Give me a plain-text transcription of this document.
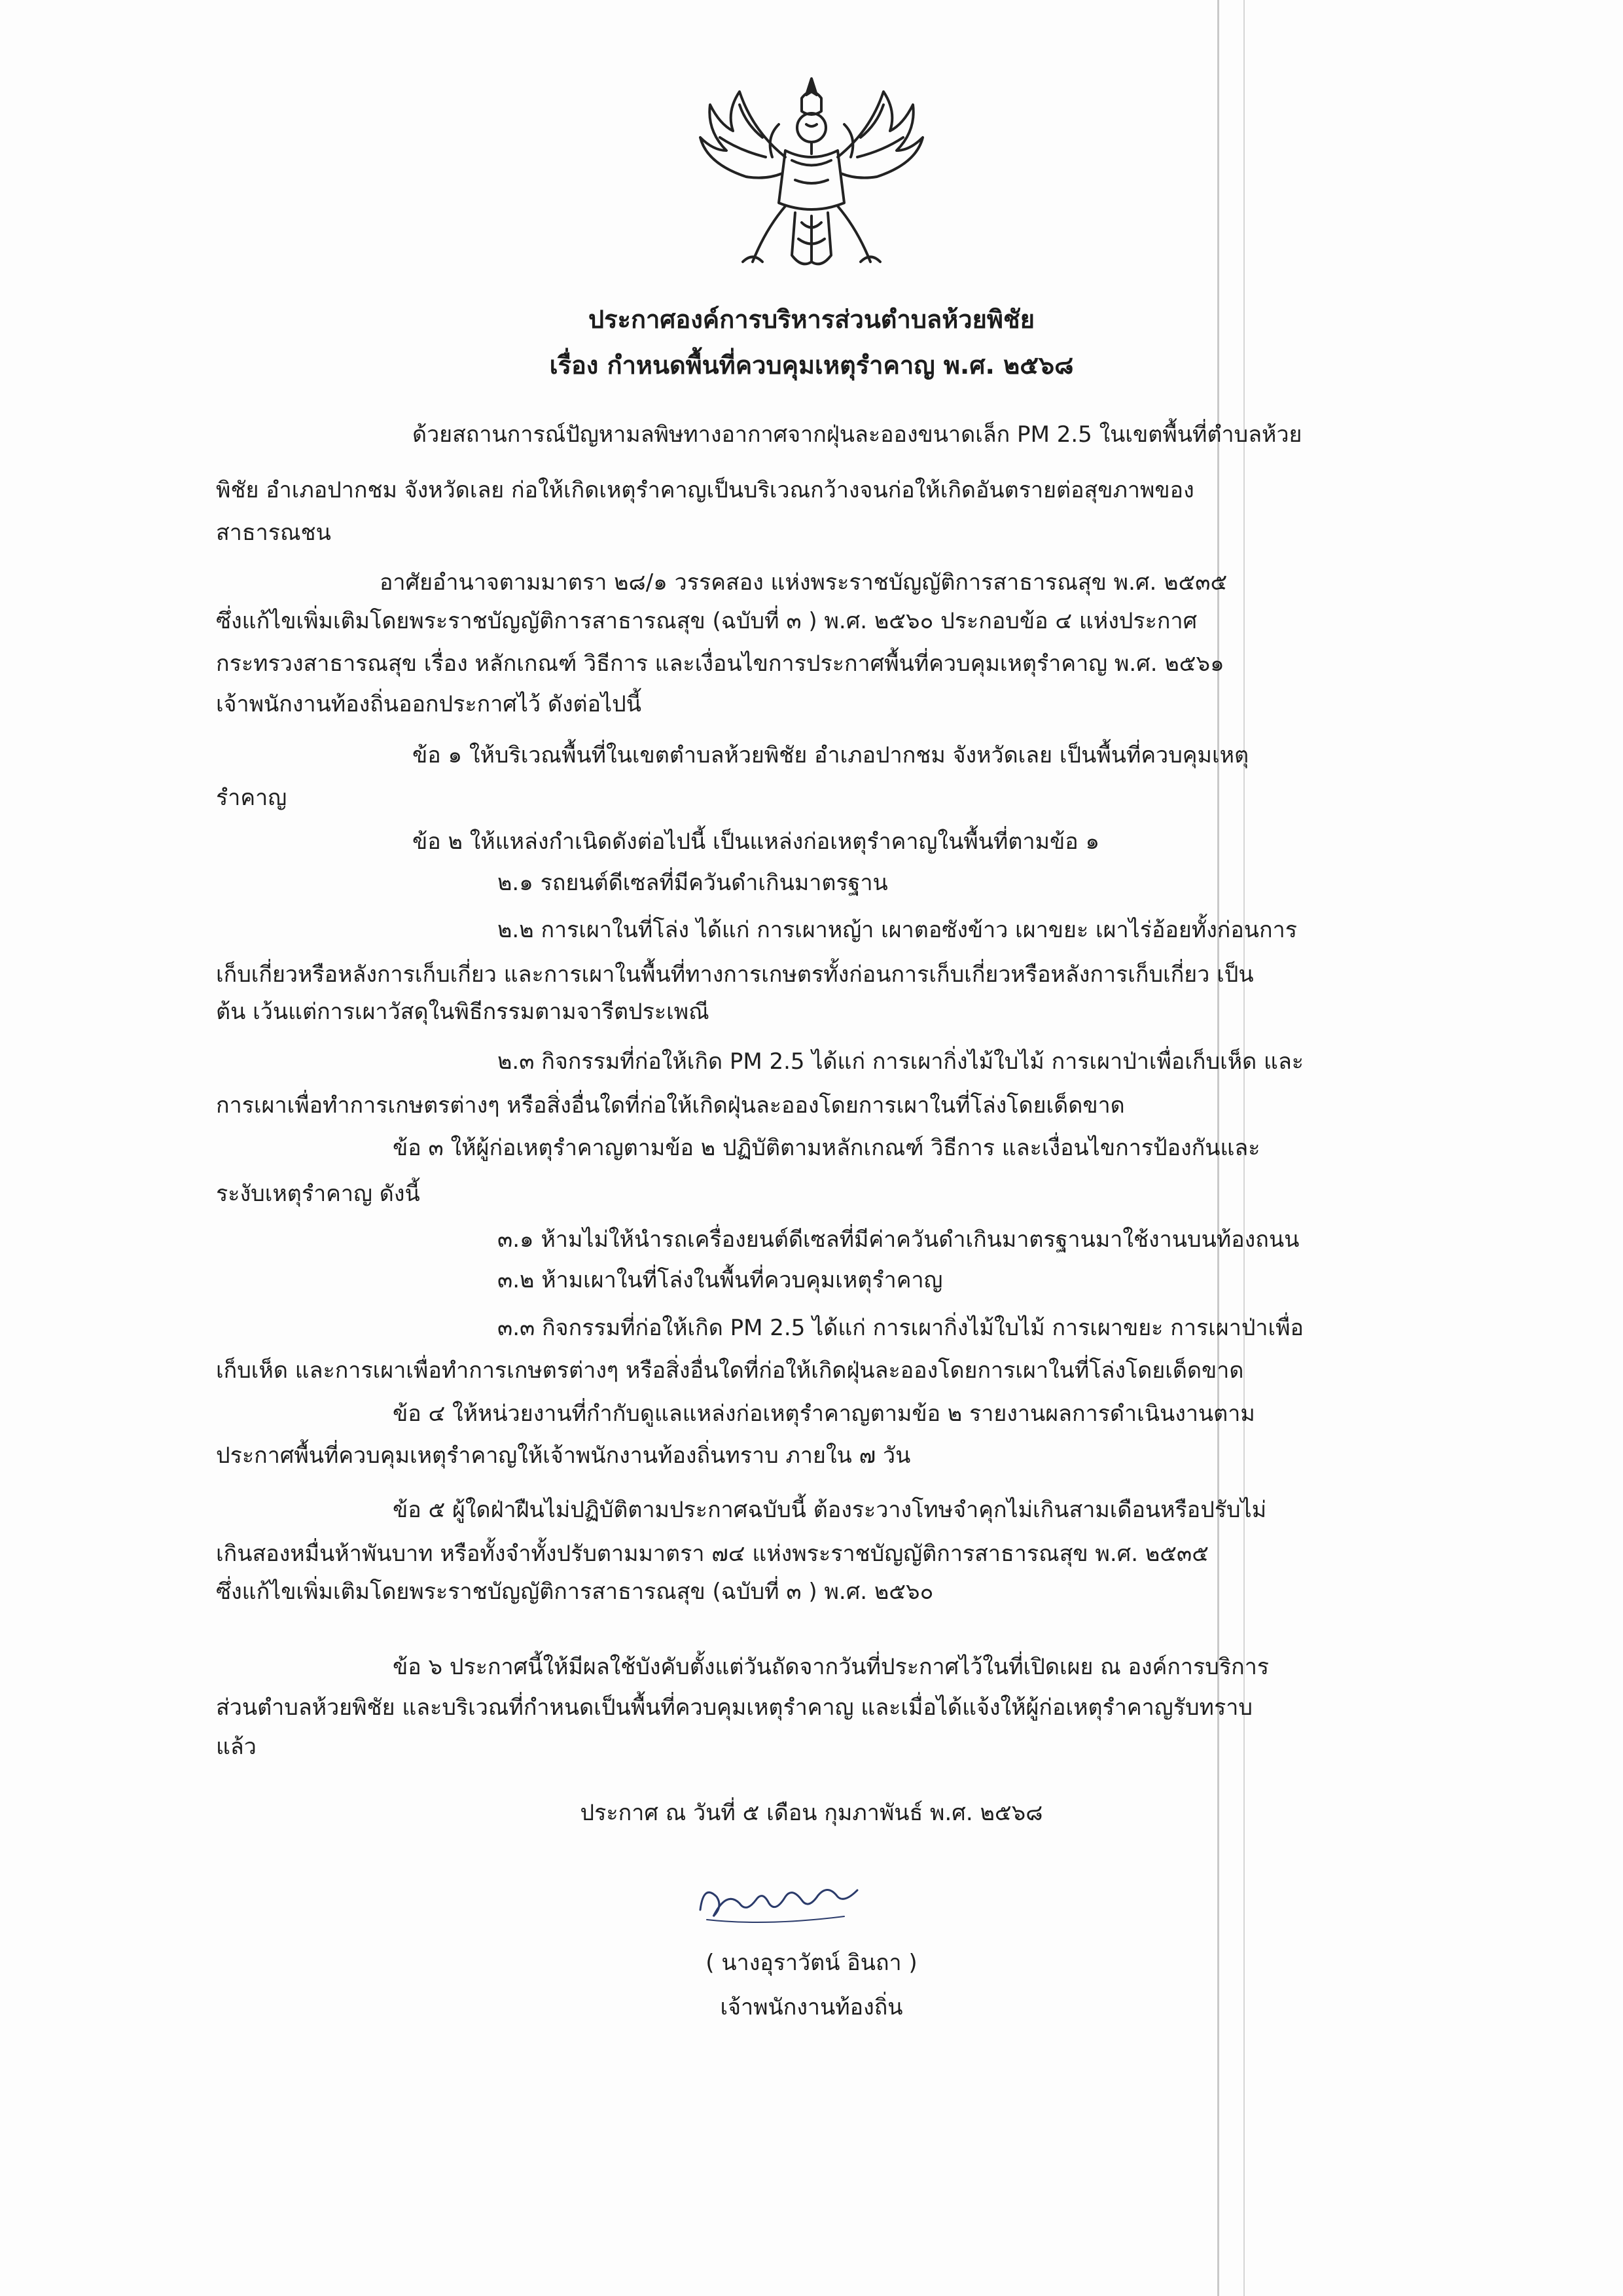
ประกาศองค์การบริหารส่วนตำบลห้วยพิชัย
เรื่อง กำหนดพื้นที่ควบคุมเหตุรำคาญ พ.ศ. ๒๕๖๘
ด้วยสถานการณ์ปัญหามลพิษทางอากาศจากฝุ่นละอองขนาดเล็ก PM 2.5 ในเขตพื้นที่ตำบลห้วย
พิชัย อำเภอปากชม จังหวัดเลย ก่อให้เกิดเหตุรำคาญเป็นบริเวณกว้างจนก่อให้เกิดอันตรายต่อสุขภาพของ
สาธารณชน
อาศัยอำนาจตามมาตรา ๒๘/๑ วรรคสอง แห่งพระราชบัญญัติการสาธารณสุข พ.ศ. ๒๕๓๕
ซึ่งแก้ไขเพิ่มเติมโดยพระราชบัญญัติการสาธารณสุข (ฉบับที่ ๓ ) พ.ศ. ๒๕๖๐ ประกอบข้อ ๔ แห่งประกาศ
กระทรวงสาธารณสุข เรื่อง หลักเกณฑ์ วิธีการ และเงื่อนไขการประกาศพื้นที่ควบคุมเหตุรำคาญ พ.ศ. ๒๕๖๑
เจ้าพนักงานท้องถิ่นออกประกาศไว้ ดังต่อไปนี้
ข้อ ๑ ให้บริเวณพื้นที่ในเขตตำบลห้วยพิชัย อำเภอปากชม จังหวัดเลย เป็นพื้นที่ควบคุมเหตุ
รำคาญ
ข้อ ๒ ให้แหล่งกำเนิดดังต่อไปนี้ เป็นแหล่งก่อเหตุรำคาญในพื้นที่ตามข้อ ๑
๒.๑ รถยนต์ดีเซลที่มีควันดำเกินมาตรฐาน
๒.๒ การเผาในที่โล่ง ได้แก่ การเผาหญ้า เผาตอซังข้าว เผาขยะ เผาไร่อ้อยทั้งก่อนการ
เก็บเกี่ยวหรือหลังการเก็บเกี่ยว และการเผาในพื้นที่ทางการเกษตรทั้งก่อนการเก็บเกี่ยวหรือหลังการเก็บเกี่ยว เป็น
ต้น เว้นแต่การเผาวัสดุในพิธีกรรมตามจารีตประเพณี
๒.๓ กิจกรรมที่ก่อให้เกิด PM 2.5 ได้แก่ การเผากิ่งไม้ใบไม้ การเผาป่าเพื่อเก็บเห็ด และ
การเผาเพื่อทำการเกษตรต่างๆ หรือสิ่งอื่นใดที่ก่อให้เกิดฝุ่นละอองโดยการเผาในที่โล่งโดยเด็ดขาด
ข้อ ๓ ให้ผู้ก่อเหตุรำคาญตามข้อ ๒ ปฏิบัติตามหลักเกณฑ์ วิธีการ และเงื่อนไขการป้องกันและ
ระงับเหตุรำคาญ ดังนี้
๓.๑ ห้ามไม่ให้นำรถเครื่องยนต์ดีเซลที่มีค่าควันดำเกินมาตรฐานมาใช้งานบนท้องถนน
๓.๒ ห้ามเผาในที่โล่งในพื้นที่ควบคุมเหตุรำคาญ
๓.๓ กิจกรรมที่ก่อให้เกิด PM 2.5 ได้แก่ การเผากิ่งไม้ใบไม้ การเผาขยะ การเผาป่าเพื่อ
เก็บเห็ด และการเผาเพื่อทำการเกษตรต่างๆ หรือสิ่งอื่นใดที่ก่อให้เกิดฝุ่นละอองโดยการเผาในที่โล่งโดยเด็ดขาด
ข้อ ๔ ให้หน่วยงานที่กำกับดูแลแหล่งก่อเหตุรำคาญตามข้อ ๒ รายงานผลการดำเนินงานตาม
ประกาศพื้นที่ควบคุมเหตุรำคาญให้เจ้าพนักงานท้องถิ่นทราบ ภายใน ๗ วัน
ข้อ ๕ ผู้ใดฝ่าฝืนไม่ปฏิบัติตามประกาศฉบับนี้ ต้องระวางโทษจำคุกไม่เกินสามเดือนหรือปรับไม่
เกินสองหมื่นห้าพันบาท หรือทั้งจำทั้งปรับตามมาตรา ๗๔ แห่งพระราชบัญญัติการสาธารณสุข พ.ศ. ๒๕๓๕
ซึ่งแก้ไขเพิ่มเติมโดยพระราชบัญญัติการสาธารณสุข (ฉบับที่ ๓ ) พ.ศ. ๒๕๖๐
ข้อ ๖ ประกาศนี้ให้มีผลใช้บังคับตั้งแต่วันถัดจากวันที่ประกาศไว้ในที่เปิดเผย ณ องค์การบริการ
ส่วนตำบลห้วยพิชัย และบริเวณที่กำหนดเป็นพื้นที่ควบคุมเหตุรำคาญ และเมื่อได้แจ้งให้ผู้ก่อเหตุรำคาญรับทราบ
แล้ว
ประกาศ ณ วันที่ ๕ เดือน กุมภาพันธ์ พ.ศ. ๒๕๖๘
( นางอุราวัตน์ อินถา )
เจ้าพนักงานท้องถิ่น
